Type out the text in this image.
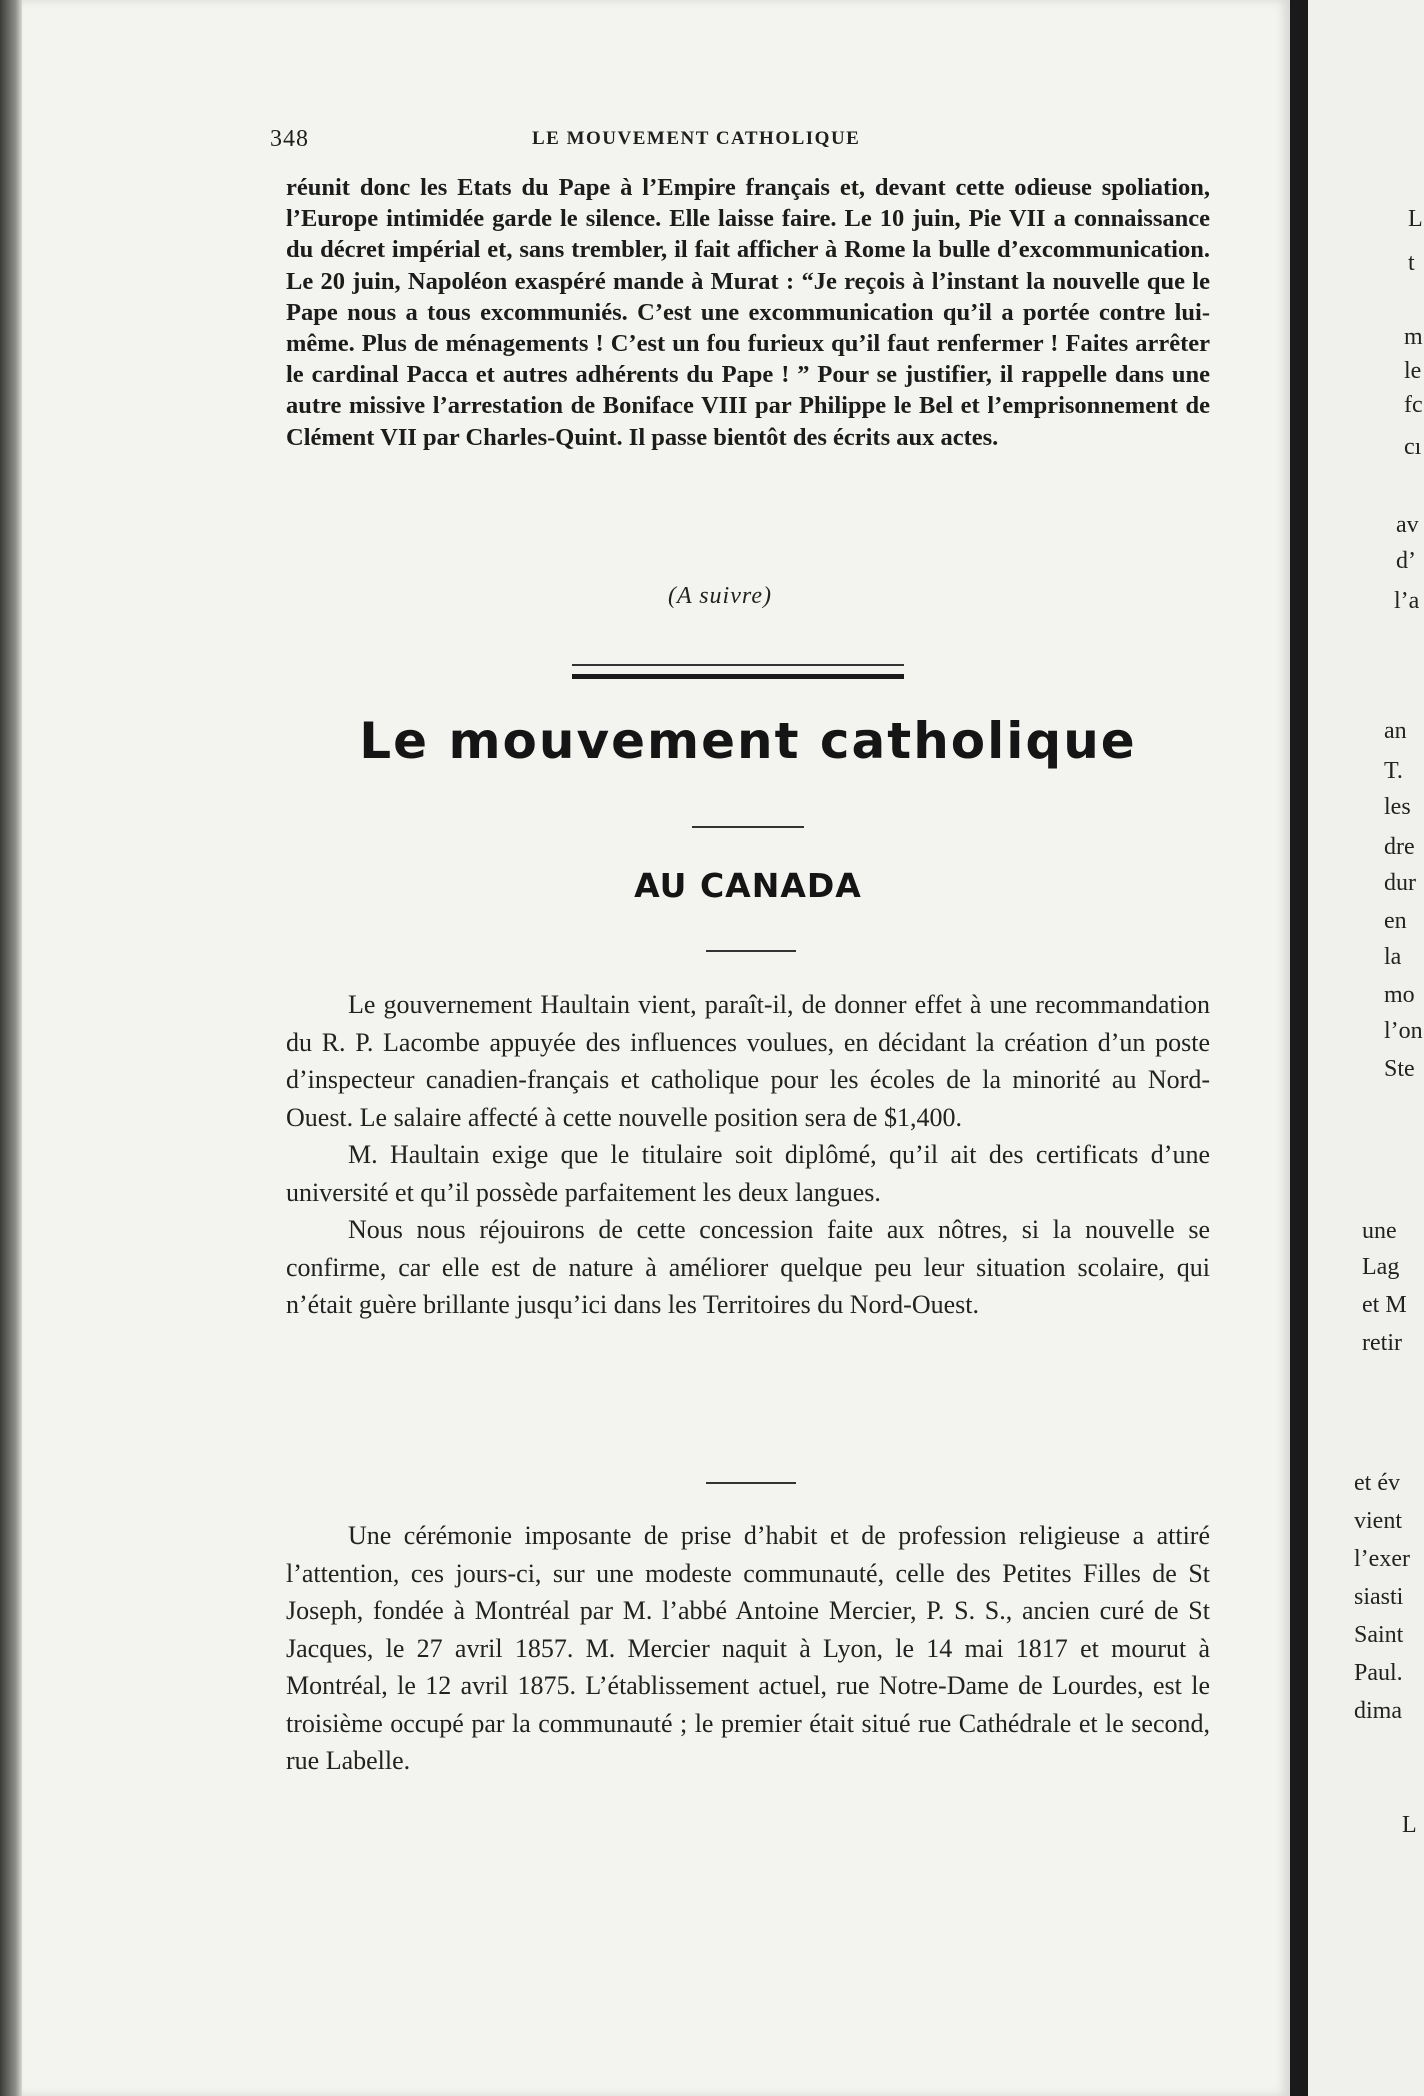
348	LE MOUVEMENT CATHOLIQUE

réunit donc les Etats du Pape à l’Empire français et, devant cette odieuse spoliation, l’Europe intimidée garde le silence. Elle laisse faire. Le 10 juin, Pie VII a connaissance du décret impérial et, sans trembler, il fait afficher à Rome la bulle d’excommunication. Le 20 juin, Napoléon exaspéré mande à Murat : “Je reçois à l’instant la nouvelle que le Pape nous a tous excommuniés. C’est une excommunication qu’il a portée contre lui-même. Plus de ménagements ! C’est un fou furieux qu’il faut renfermer ! Faites arrêter le cardinal Pacca et autres adhérents du Pape ! ” Pour se justifier, il rappelle dans une autre missive l’arrestation de Boniface VIII par Philippe le Bel et l’emprisonnement de Clément VII par Charles-Quint. Il passe bientôt des écrits aux actes.

(A suivre)
Le mouvement catholique
AU CANADA

Le gouvernement Haultain vient, paraît-il, de donner effet à une recommandation du R. P. Lacombe appuyée des influences voulues, en décidant la création d’un poste d’inspecteur canadien-français et catholique pour les écoles de la minorité au Nord-Ouest. Le salaire affecté à cette nouvelle position sera de $1,400.

M. Haultain exige que le titulaire soit diplômé, qu’il ait des certificats d’une université et qu’il possède parfaitement les deux langues.

Nous nous réjouirons de cette concession faite aux nôtres, si la nouvelle se confirme, car elle est de nature à améliorer quelque peu leur situation scolaire, qui n’était guère brillante jusqu’ici dans les Territoires du Nord-Ouest.

Une cérémonie imposante de prise d’habit et de profession religieuse a attiré l’attention, ces jours-ci, sur une modeste communauté, celle des Petites Filles de St Joseph, fondée à Montréal par M. l’abbé Antoine Mercier, P. S. S., ancien curé de St Jacques, le 27 avril 1857. M. Mercier naquit à Lyon, le 14 mai 1817 et mourut à Montréal, le 12 avril 1875. L’établissement actuel, rue Notre-Dame de Lourdes, est le troisième occupé par la communauté ; le premier était situé rue Cathédrale et le second, rue Labelle.

L
t
m
le
fc
cı
av
d’
l’a
an
T.
les
dre
dur
en
la
mo
l’on
Ste
une
Lag
et M
retir
et év
vient
l’exer
siasti
Saint
Paul.
dima
L
